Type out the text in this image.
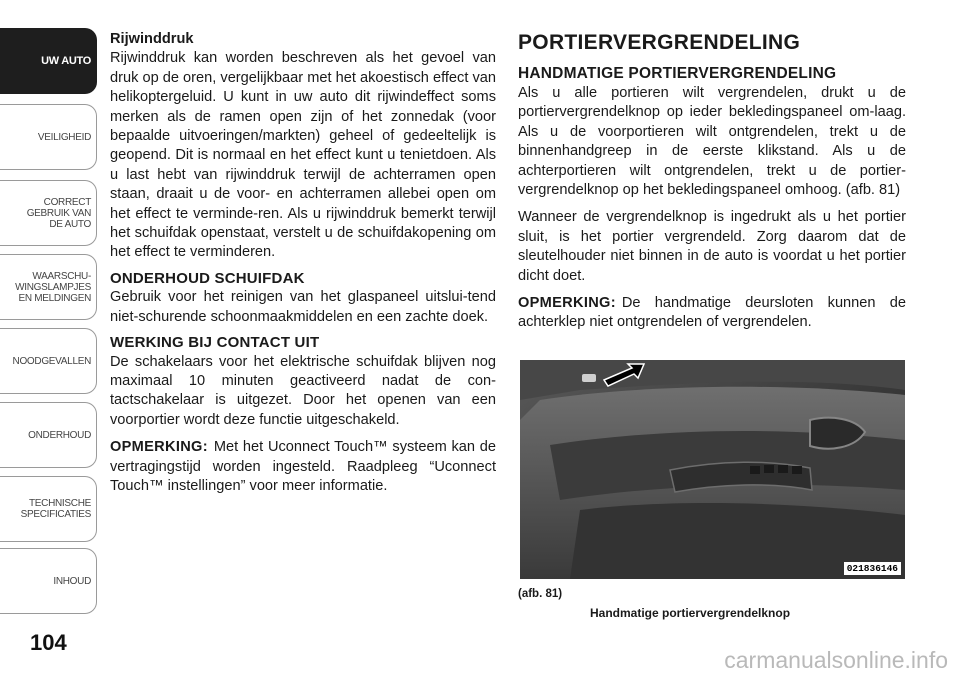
UW AUTO
VEILIGHEID
CORRECT
GEBRUIK VAN
DE AUTO
WAARSCHU-
WINGSLAMPJES
EN MELDINGEN
NOODGEVALLEN
ONDERHOUD
TECHNISCHE
SPECIFICATIES
INHOUD
104
Rijwinddruk

Rijwinddruk kan worden beschreven als het gevoel van druk op de oren, vergelijkbaar met het akoestisch effect van helikoptergeluid. U kunt in uw auto dit rijwindeffect soms merken als de ramen open zijn of het zonnedak (voor bepaalde uitvoeringen/markten) geheel of gedeeltelijk is geopend. Dit is normaal en het effect kunt u tenietdoen. Als u last hebt van rijwinddruk terwijl de achterramen open staan, draait u de voor- en achterramen allebei open om het effect te verminde-ren. Als u rijwinddruk bemerkt terwijl het schuifdak openstaat, verstelt u de schuifdakopening om het effect te verminderen.

ONDERHOUD SCHUIFDAK

Gebruik voor het reinigen van het glaspaneel uitslui-tend niet-schurende schoonmaakmiddelen en een zachte doek.

WERKING BIJ CONTACT UIT

De schakelaars voor het elektrische schuifdak blijven nog maximaal 10 minuten geactiveerd nadat de con-tactschakelaar is uitgezet. Door het openen van een voorportier wordt deze functie uitgeschakeld.

OPMERKING: Met het Uconnect Touch™ systeem kan de vertragingstijd worden ingesteld. Raadpleeg “Uconnect Touch™ instellingen” voor meer informatie.

PORTIERVERGRENDELING
HANDMATIGE PORTIERVERGRENDELING

Als u alle portieren wilt vergrendelen, drukt u de portiervergrendelknop op ieder bekledingspaneel om-laag. Als u de voorportieren wilt ontgrendelen, trekt u de binnenhandgreep in de eerste klikstand. Als u de achterportieren wilt ontgrendelen, trekt u de portier-vergrendelknop op het bekledingspaneel omhoog. (afb. 81)

Wanneer de vergrendelknop is ingedrukt als u het portier sluit, is het portier vergrendeld. Zorg daarom dat de sleutelhouder niet binnen in de auto is voordat u het portier dicht doet.

OPMERKING: De handmatige deursloten kunnen de achterklep niet ontgrendelen of vergrendelen.

021836146
(afb. 81)
Handmatige portiervergrendelknop
carmanualsonline.info
